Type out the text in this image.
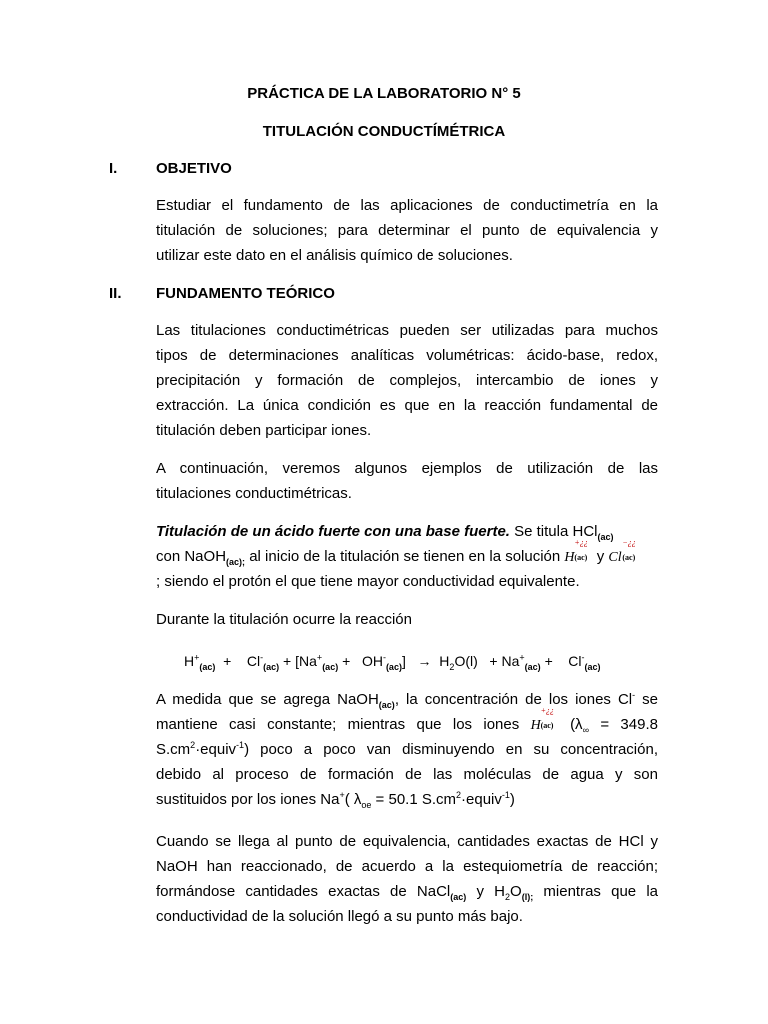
PRÁCTICA DE LA LABORATORIO N° 5
TITULACIÓN CONDUCTÍMÉTRICA
I.	OBJETIVO
Estudiar el fundamento de las aplicaciones de conductimetría en la
titulación de soluciones; para determinar el punto de equivalencia y
utilizar este dato en el análisis químico de soluciones.
II. FUNDAMENTO TEÓRICO
Las titulaciones conductimétricas pueden ser utilizadas para muchos
tipos de determinaciones analíticas volumétricas: ácido-base, redox,
precipitación y formación de complejos, intercambio de iones y
extracción. La única condición es que en la reacción fundamental de
titulación deben participar iones.
A continuación, veremos algunos ejemplos de utilización de las
titulaciones conductimétricas.
Titulación de un ácido fuerte con una base fuerte. Se titula HCl$_{(ac)}$
con NaOH$_{(ac);}$ al inicio de la titulación se tienen en la solución H
+¿¿
(ac) y Cl
−¿¿
(ac)
; siendo el protón el que tiene mayor conductividad equivalente.
Durante la titulación ocurre la reacción
$H^+_{(ac)}$  +    $Cl^-_{(ac)} + [Na^+_{(ac)} + OH^-_{(ac)}] \to H_2O(l) + Na^+_{(ac)}$ +    $Cl^-_{(ac)}$
A medida que se agrega NaOH$_{(ac)}$, la concentración de los iones Cl- se
mantiene casi constante; mientras que los iones H
+¿¿
(ac) ($\lambda_\infty = 349.8$
$S.cm^2\cdot equiv^{-1}$) poco a poco van disminuyendo en su concentración,
debido al proceso de formación de las moléculas de agua y son
sustituidos por los iones Na+( $\lambda_{oe} = 50.1$ $S.cm^2\cdot equiv^{-1}$)
Cuando se llega al punto de equivalencia, cantidades exactas de HCl y
NaOH han reaccionado, de acuerdo a la estequiometría de reacción;
formándose cantidades exactas de NaCl$_{(ac)}$ y $H_2O_{(l);}$ mientras que la
conductividad de la solución llegó a su punto más bajo.
